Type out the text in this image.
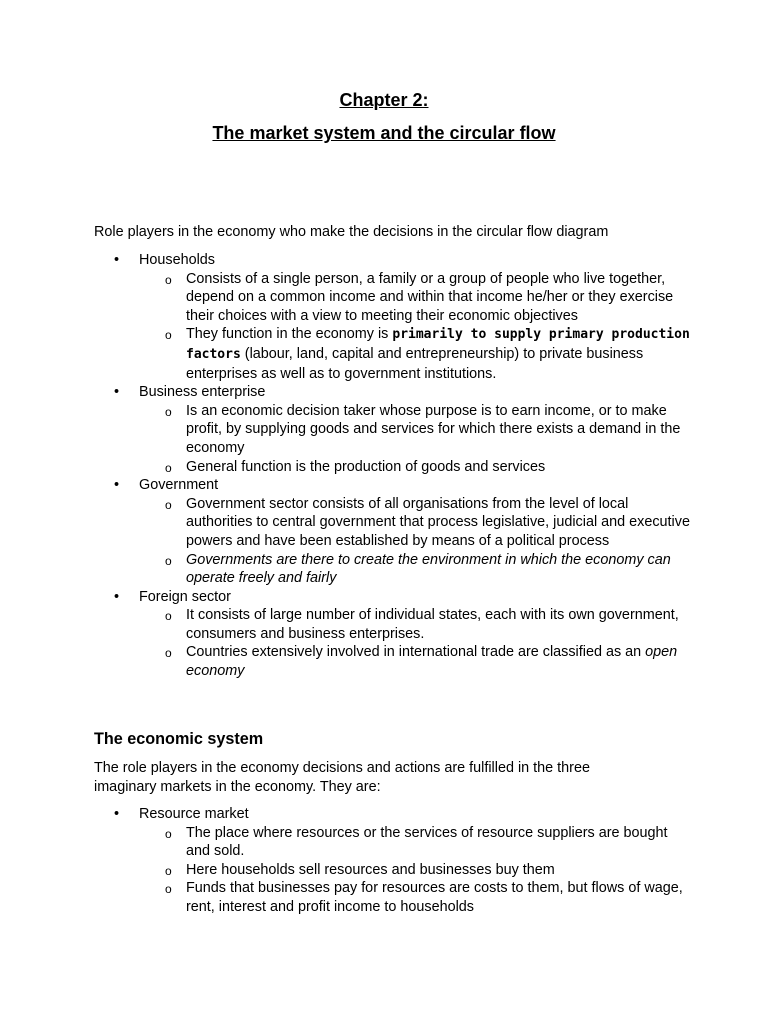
Chapter 2:
The market system and the circular flow

Role players in the economy who make the decisions in the circular flow diagram

• Households
o Consists of a single person, a family or a group of people who live together, depend on a common income and within that income he/her or they exercise their choices with a view to meeting their economic objectives
o They function in the economy is primarily to supply primary production factors (labour, land, capital and entrepreneurship) to private business enterprises as well as to government institutions.
• Business enterprise
o Is an economic decision taker whose purpose is to earn income, or to make profit, by supplying goods and services for which there exists a demand in the economy
o General function is the production of goods and services
• Government
o Government sector consists of all organisations from the level of local authorities to central government that process legislative, judicial and executive powers and have been established by means of a political process
o Governments are there to create the environment in which the economy can operate freely and fairly
• Foreign sector
o It consists of large number of individual states, each with its own government, consumers and business enterprises.
o Countries extensively involved in international trade are classified as an open economy
The economic system

The role players in the economy decisions and actions are fulfilled in the three imaginary markets in the economy. They are:

• Resource market
o The place where resources or the services of resource suppliers are bought and sold.
o Here households sell resources and businesses buy them
o Funds that businesses pay for resources are costs to them, but flows of wage, rent, interest and profit income to households
